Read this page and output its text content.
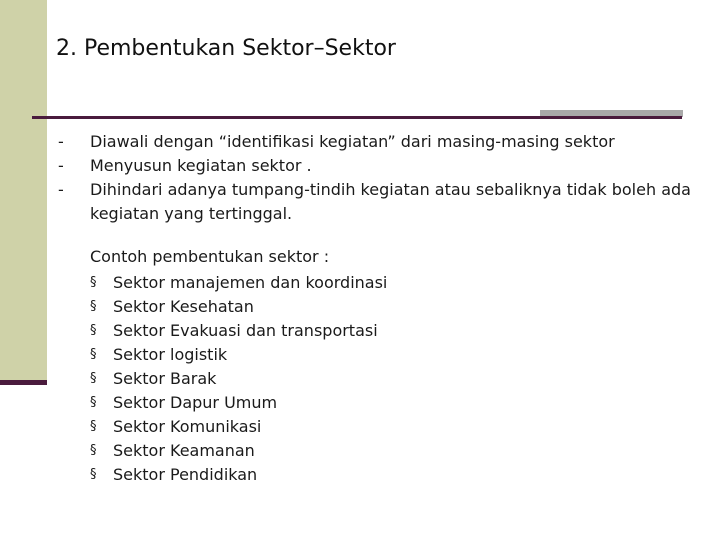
2. Pembentukan Sektor–Sektor
- Diawali dengan “identifikasi kegiatan” dari masing-masing sektor
- Menyusun kegiatan sektor .
- Dihindari adanya tumpang-tindih kegiatan atau sebaliknya tidak boleh ada kegiatan yang tertinggal.
Contoh pembentukan sektor :
§ Sektor manajemen dan koordinasi
§ Sektor Kesehatan
§ Sektor Evakuasi dan transportasi
§ Sektor logistik
§ Sektor Barak
§ Sektor Dapur Umum
§ Sektor Komunikasi
§ Sektor Keamanan
§ Sektor Pendidikan
